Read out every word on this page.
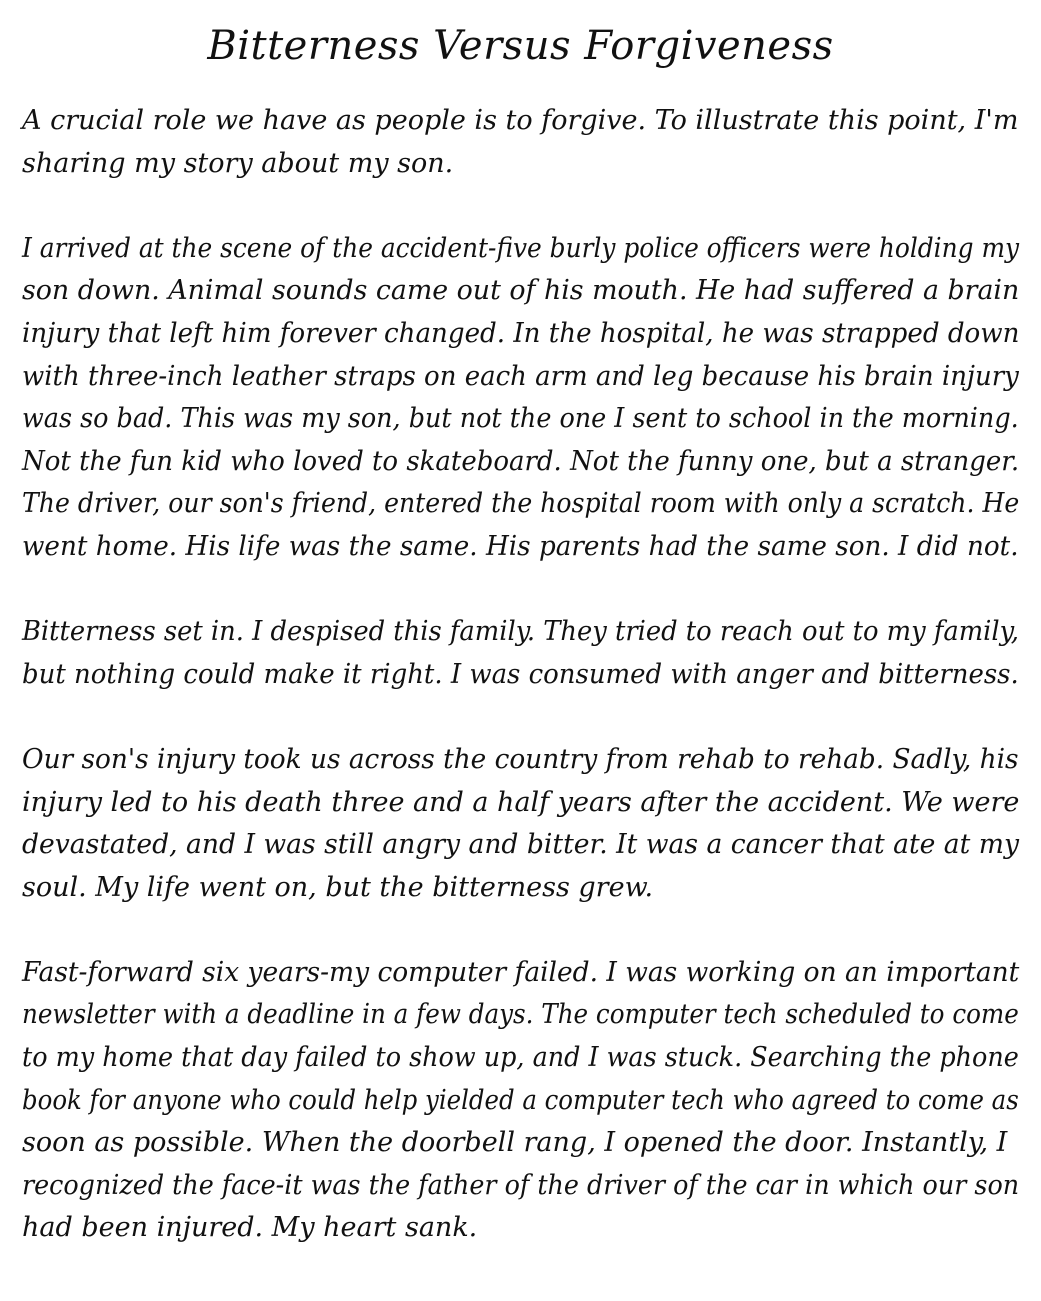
Bitterness Versus Forgiveness
A crucial role we have as people is to forgive. To illustrate this point, I'm
sharing my story about my son.
I arrived at the scene of the accident-five burly police officers were holding my
son down. Animal sounds came out of his mouth. He had suffered a brain
injury that left him forever changed. In the hospital, he was strapped down
with three-inch leather straps on each arm and leg because his brain injury
was so bad. This was my son, but not the one I sent to school in the morning.
Not the fun kid who loved to skateboard. Not the funny one, but a stranger.
The driver, our son's friend, entered the hospital room with only a scratch. He
went home. His life was the same. His parents had the same son. I did not.
Bitterness set in. I despised this family. They tried to reach out to my family,
but nothing could make it right. I was consumed with anger and bitterness.
Our son's injury took us across the country from rehab to rehab. Sadly, his
injury led to his death three and a half years after the accident. We were
devastated, and I was still angry and bitter. It was a cancer that ate at my
soul. My life went on, but the bitterness grew.
Fast-forward six years-my computer failed. I was working on an important
newsletter with a deadline in a few days. The computer tech scheduled to come
to my home that day failed to show up, and I was stuck. Searching the phone
book for anyone who could help yielded a computer tech who agreed to come as
soon as possible. When the doorbell rang, I opened the door. Instantly, I
recognized the face-it was the father of the driver of the car in which our son
had been injured. My heart sank.
